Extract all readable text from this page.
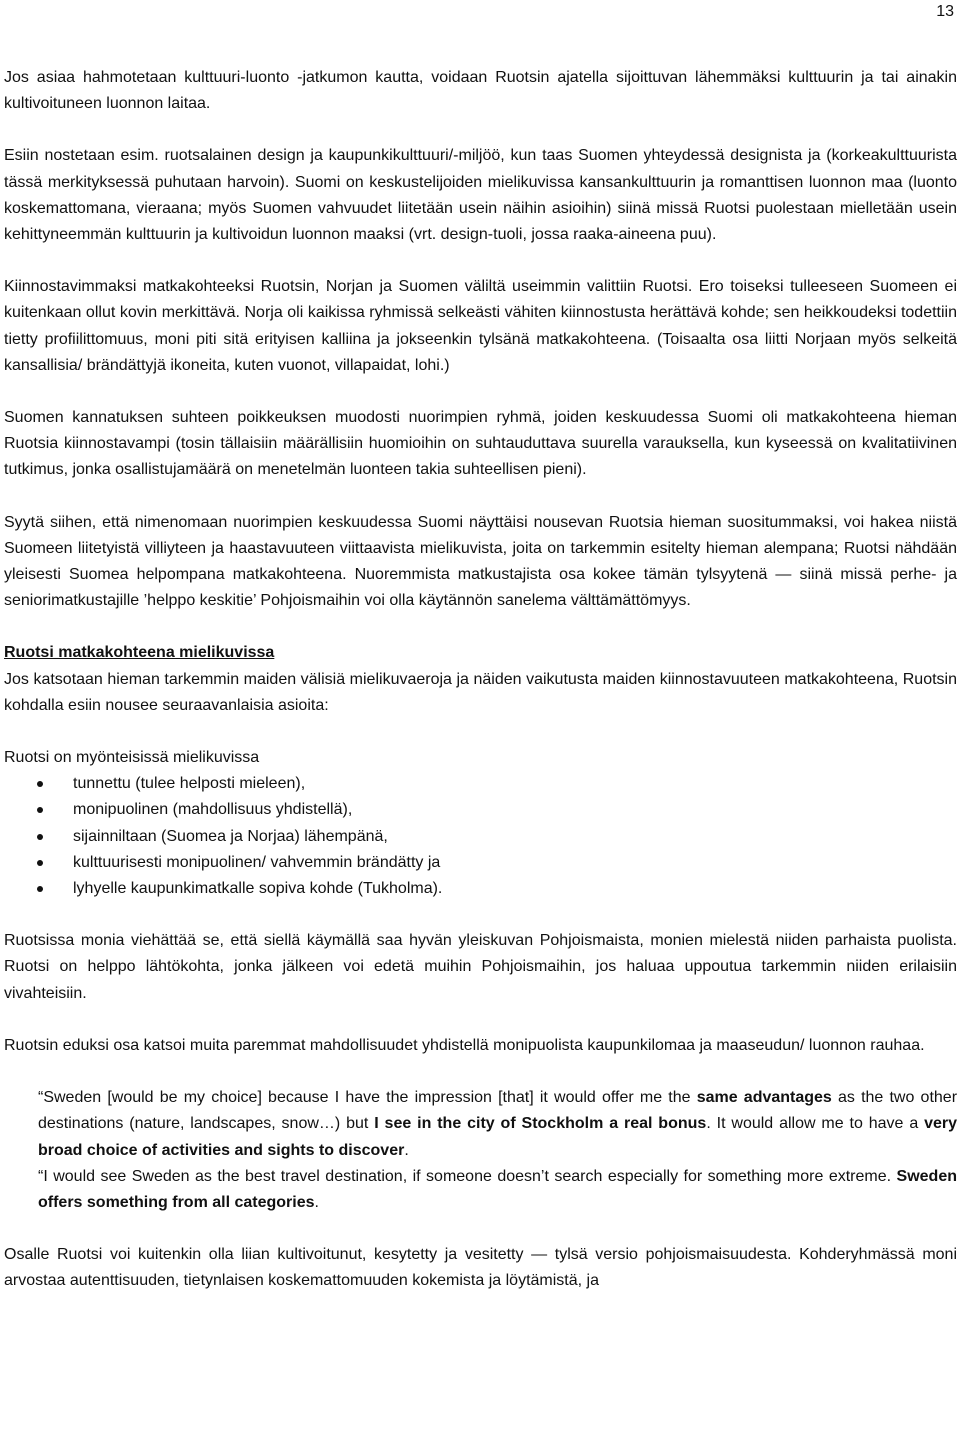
13

Jos asiaa hahmotetaan kulttuuri-luonto -jatkumon kautta, voidaan Ruotsin ajatella sijoittuvan lähemmäksi kulttuurin ja tai ainakin kultivoituneen luonnon laitaa.

Esiin nostetaan esim. ruotsalainen design ja kaupunkikulttuuri/-miljöö, kun taas Suomen yhteydessä designista ja (korkeakulttuurista tässä merkityksessä puhutaan harvoin). Suomi on keskustelijoiden mielikuvissa kansankulttuurin ja romanttisen luonnon maa (luonto koskemattomana, vieraana; myös Suomen vahvuudet liitetään usein näihin asioihin) siinä missä Ruotsi puolestaan mielletään usein kehittyneemmän kulttuurin ja kultivoidun luonnon maaksi (vrt. design-tuoli, jossa raaka-aineena puu).

Kiinnostavimmaksi matkakohteeksi Ruotsin, Norjan ja Suomen väliltä useimmin valittiin Ruotsi. Ero toiseksi tulleeseen Suomeen ei kuitenkaan ollut kovin merkittävä. Norja oli kaikissa ryhmissä selkeästi vähiten kiinnostusta herättävä kohde; sen heikkoudeksi todettiin tietty profiilittomuus, moni piti sitä erityisen kalliina ja jokseenkin tylsänä matkakohteena. (Toisaalta osa liitti Norjaan myös selkeitä kansallisia/ brändättyjä ikoneita, kuten vuonot, villapaidat, lohi.)

Suomen kannatuksen suhteen poikkeuksen muodosti nuorimpien ryhmä, joiden keskuudessa Suomi oli matkakohteena hieman Ruotsia kiinnostavampi (tosin tällaisiin määrällisiin huomioihin on suhtauduttava suurella varauksella, kun kyseessä on kvalitatiivinen tutkimus, jonka osallistujamäärä on menetelmän luonteen takia suhteellisen pieni).

Syytä siihen, että nimenomaan nuorimpien keskuudessa Suomi näyttäisi nousevan Ruotsia hieman suositummaksi, voi hakea niistä Suomeen liitetyistä villiyteen ja haastavuuteen viittaavista mielikuvista, joita on tarkemmin esitelty hieman alempana; Ruotsi nähdään yleisesti Suomea helpompana matkakohteena. Nuoremmista matkustajista osa kokee tämän tylsyytenä — siinä missä perhe- ja seniorimatkustajille ’helppo keskitie’ Pohjoismaihin voi olla käytännön sanelema välttämättömyys.

Ruotsi matkakohteena mielikuvissa

Jos katsotaan hieman tarkemmin maiden välisiä mielikuvaeroja ja näiden vaikutusta maiden kiinnostavuuteen matkakohteena, Ruotsin kohdalla esiin nousee seuraavanlaisia asioita:

Ruotsi on myönteisissä mielikuvissa

tunnettu (tulee helposti mieleen),
monipuolinen (mahdollisuus yhdistellä),
sijainniltaan (Suomea ja Norjaa) lähempänä,
kulttuurisesti monipuolinen/ vahvemmin brändätty ja
lyhyelle kaupunkimatkalle sopiva kohde (Tukholma).

Ruotsissa monia viehättää se, että siellä käymällä saa hyvän yleiskuvan Pohjoismaista, monien mielestä niiden parhaista puolista. Ruotsi on helppo lähtökohta, jonka jälkeen voi edetä muihin Pohjoismaihin, jos haluaa uppoutua tarkemmin niiden erilaisiin vivahteisiin.

Ruotsin eduksi osa katsoi muita paremmat mahdollisuudet yhdistellä monipuolista kaupunkilomaa ja maaseudun/ luonnon rauhaa.

“Sweden [would be my choice] because I have the impression [that] it would offer me the same advantages as the two other destinations (nature, landscapes, snow…) but I see in the city of Stockholm a real bonus. It would allow me to have a very broad choice of activities and sights to discover.

“I would see Sweden as the best travel destination, if someone doesn’t search especially for something more extreme. Sweden offers something from all categories.

Osalle Ruotsi voi kuitenkin olla liian kultivoitunut, kesytetty ja vesitetty — tylsä versio pohjoismaisuudesta. Kohderyhmässä moni arvostaa autenttisuuden, tietynlaisen koskemattomuuden kokemista ja löytämistä, ja
